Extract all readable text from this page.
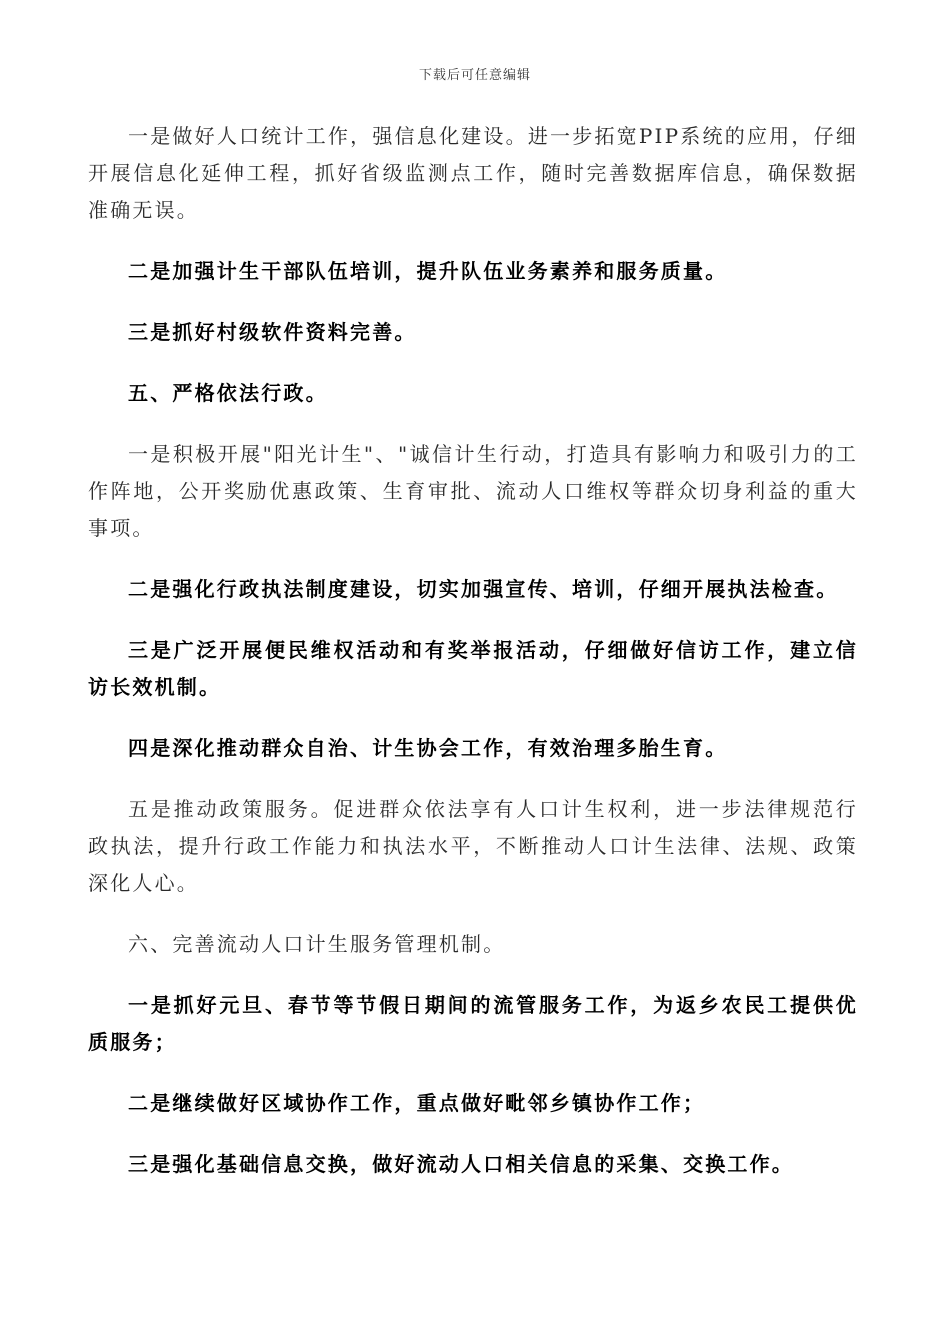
下载后可任意编辑

一是做好人口统计工作，强信息化建设。进一步拓宽PIP系统的应用，仔细开展信息化延伸工程，抓好省级监测点工作，随时完善数据库信息，确保数据准确无误。

二是加强计生干部队伍培训，提升队伍业务素养和服务质量。

三是抓好村级软件资料完善。

五、严格依法行政。

一是积极开展"阳光计生"、"诚信计生行动，打造具有影响力和吸引力的工作阵地，公开奖励优惠政策、生育审批、流动人口维权等群众切身利益的重大事项。

二是强化行政执法制度建设，切实加强宣传、培训，仔细开展执法检查。

三是广泛开展便民维权活动和有奖举报活动，仔细做好信访工作，建立信访长效机制。

四是深化推动群众自治、计生协会工作，有效治理多胎生育。

五是推动政策服务。促进群众依法享有人口计生权利，进一步法律规范行政执法，提升行政工作能力和执法水平，不断推动人口计生法律、法规、政策深化人心。

六、完善流动人口计生服务管理机制。

一是抓好元旦、春节等节假日期间的流管服务工作，为返乡农民工提供优质服务；

二是继续做好区域协作工作，重点做好毗邻乡镇协作工作；

三是强化基础信息交换，做好流动人口相关信息的采集、交换工作。
